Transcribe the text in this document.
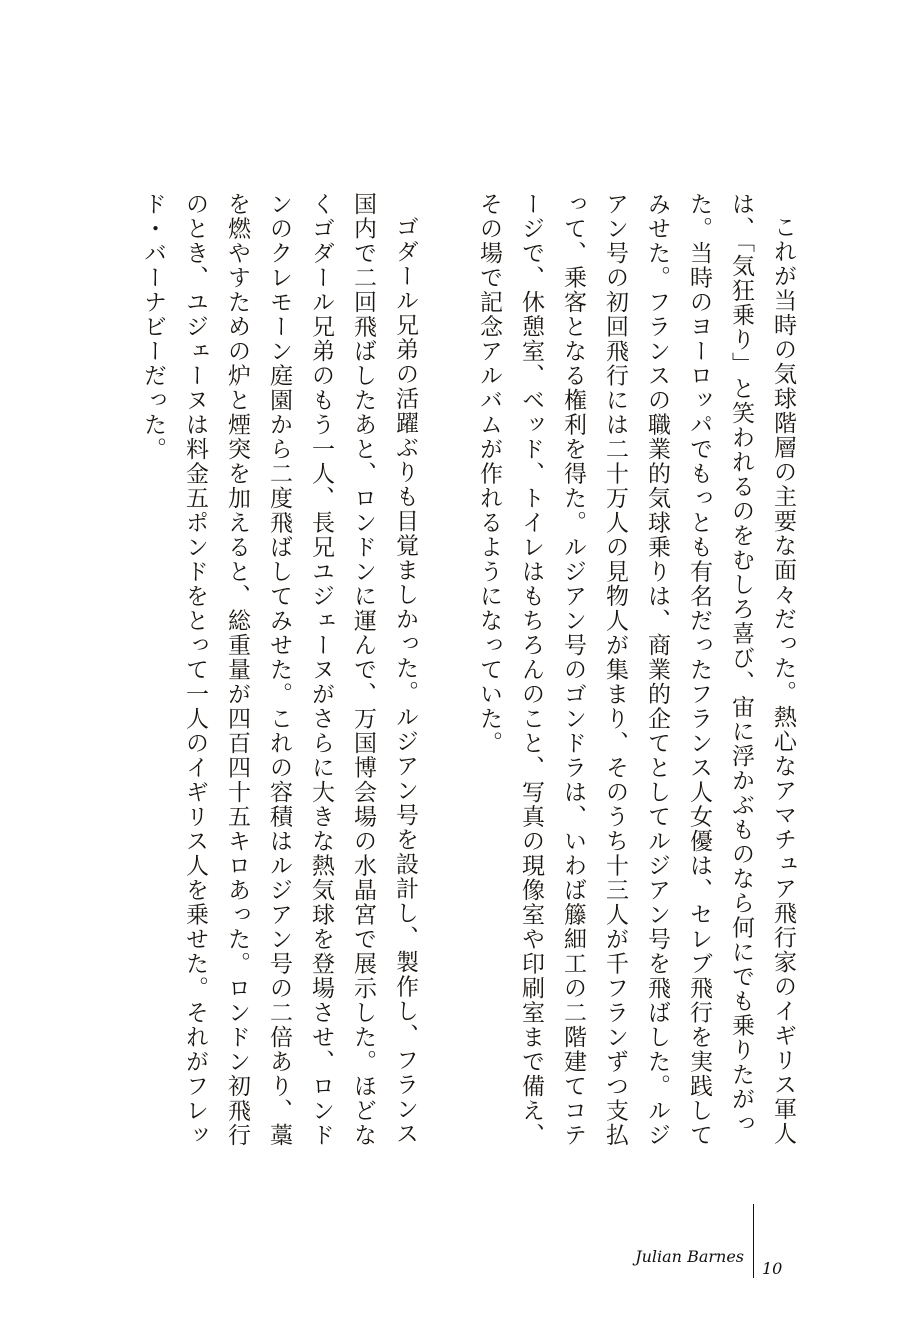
これが当時の気球階層の主要な面々だった。熱心なアマチュア飛行家のイギリス軍人は、「気狂乗り」と笑われるのをむしろ喜び、宙に浮かぶものなら何にでも乗りたがった。当時のヨーロッパでもっとも有名だったフランス人女優は、セレブ飛行を実践してみせた。フランスの職業的気球乗りは、商業的企てとしてルジアン号を飛ばした。ルジアン号の初回飛行には二十万人の見物人が集まり、そのうち十三人が千フランずつ支払って、乗客となる権利を得た。ルジアン号のゴンドラは、いわば籐細工の二階建てコテージで、休憩室、ベッド、トイレはもちろんのこと、写真の現像室や印刷室まで備え、その場で記念アルバムが作れるようになっていた。

ゴダール兄弟の活躍ぶりも目覚ましかった。ルジアン号を設計し、製作し、フランス国内で二回飛ばしたあと、ロンドンに運んで、万国博会場の水晶宮で展示した。ほどなくゴダール兄弟のもう一人、長兄ユジェーヌがさらに大きな熱気球を登場させ、ロンドンのクレモーン庭園から二度飛ばしてみせた。これの容積はルジアン号の二倍あり、藁を燃やすための炉と煙突を加えると、総重量が四百四十五キロあった。ロンドン初飛行のとき、ユジェーヌは料金五ポンドをとって一人のイギリス人を乗せた。それがフレッド・バーナビーだった。

Julian Barnes
10
